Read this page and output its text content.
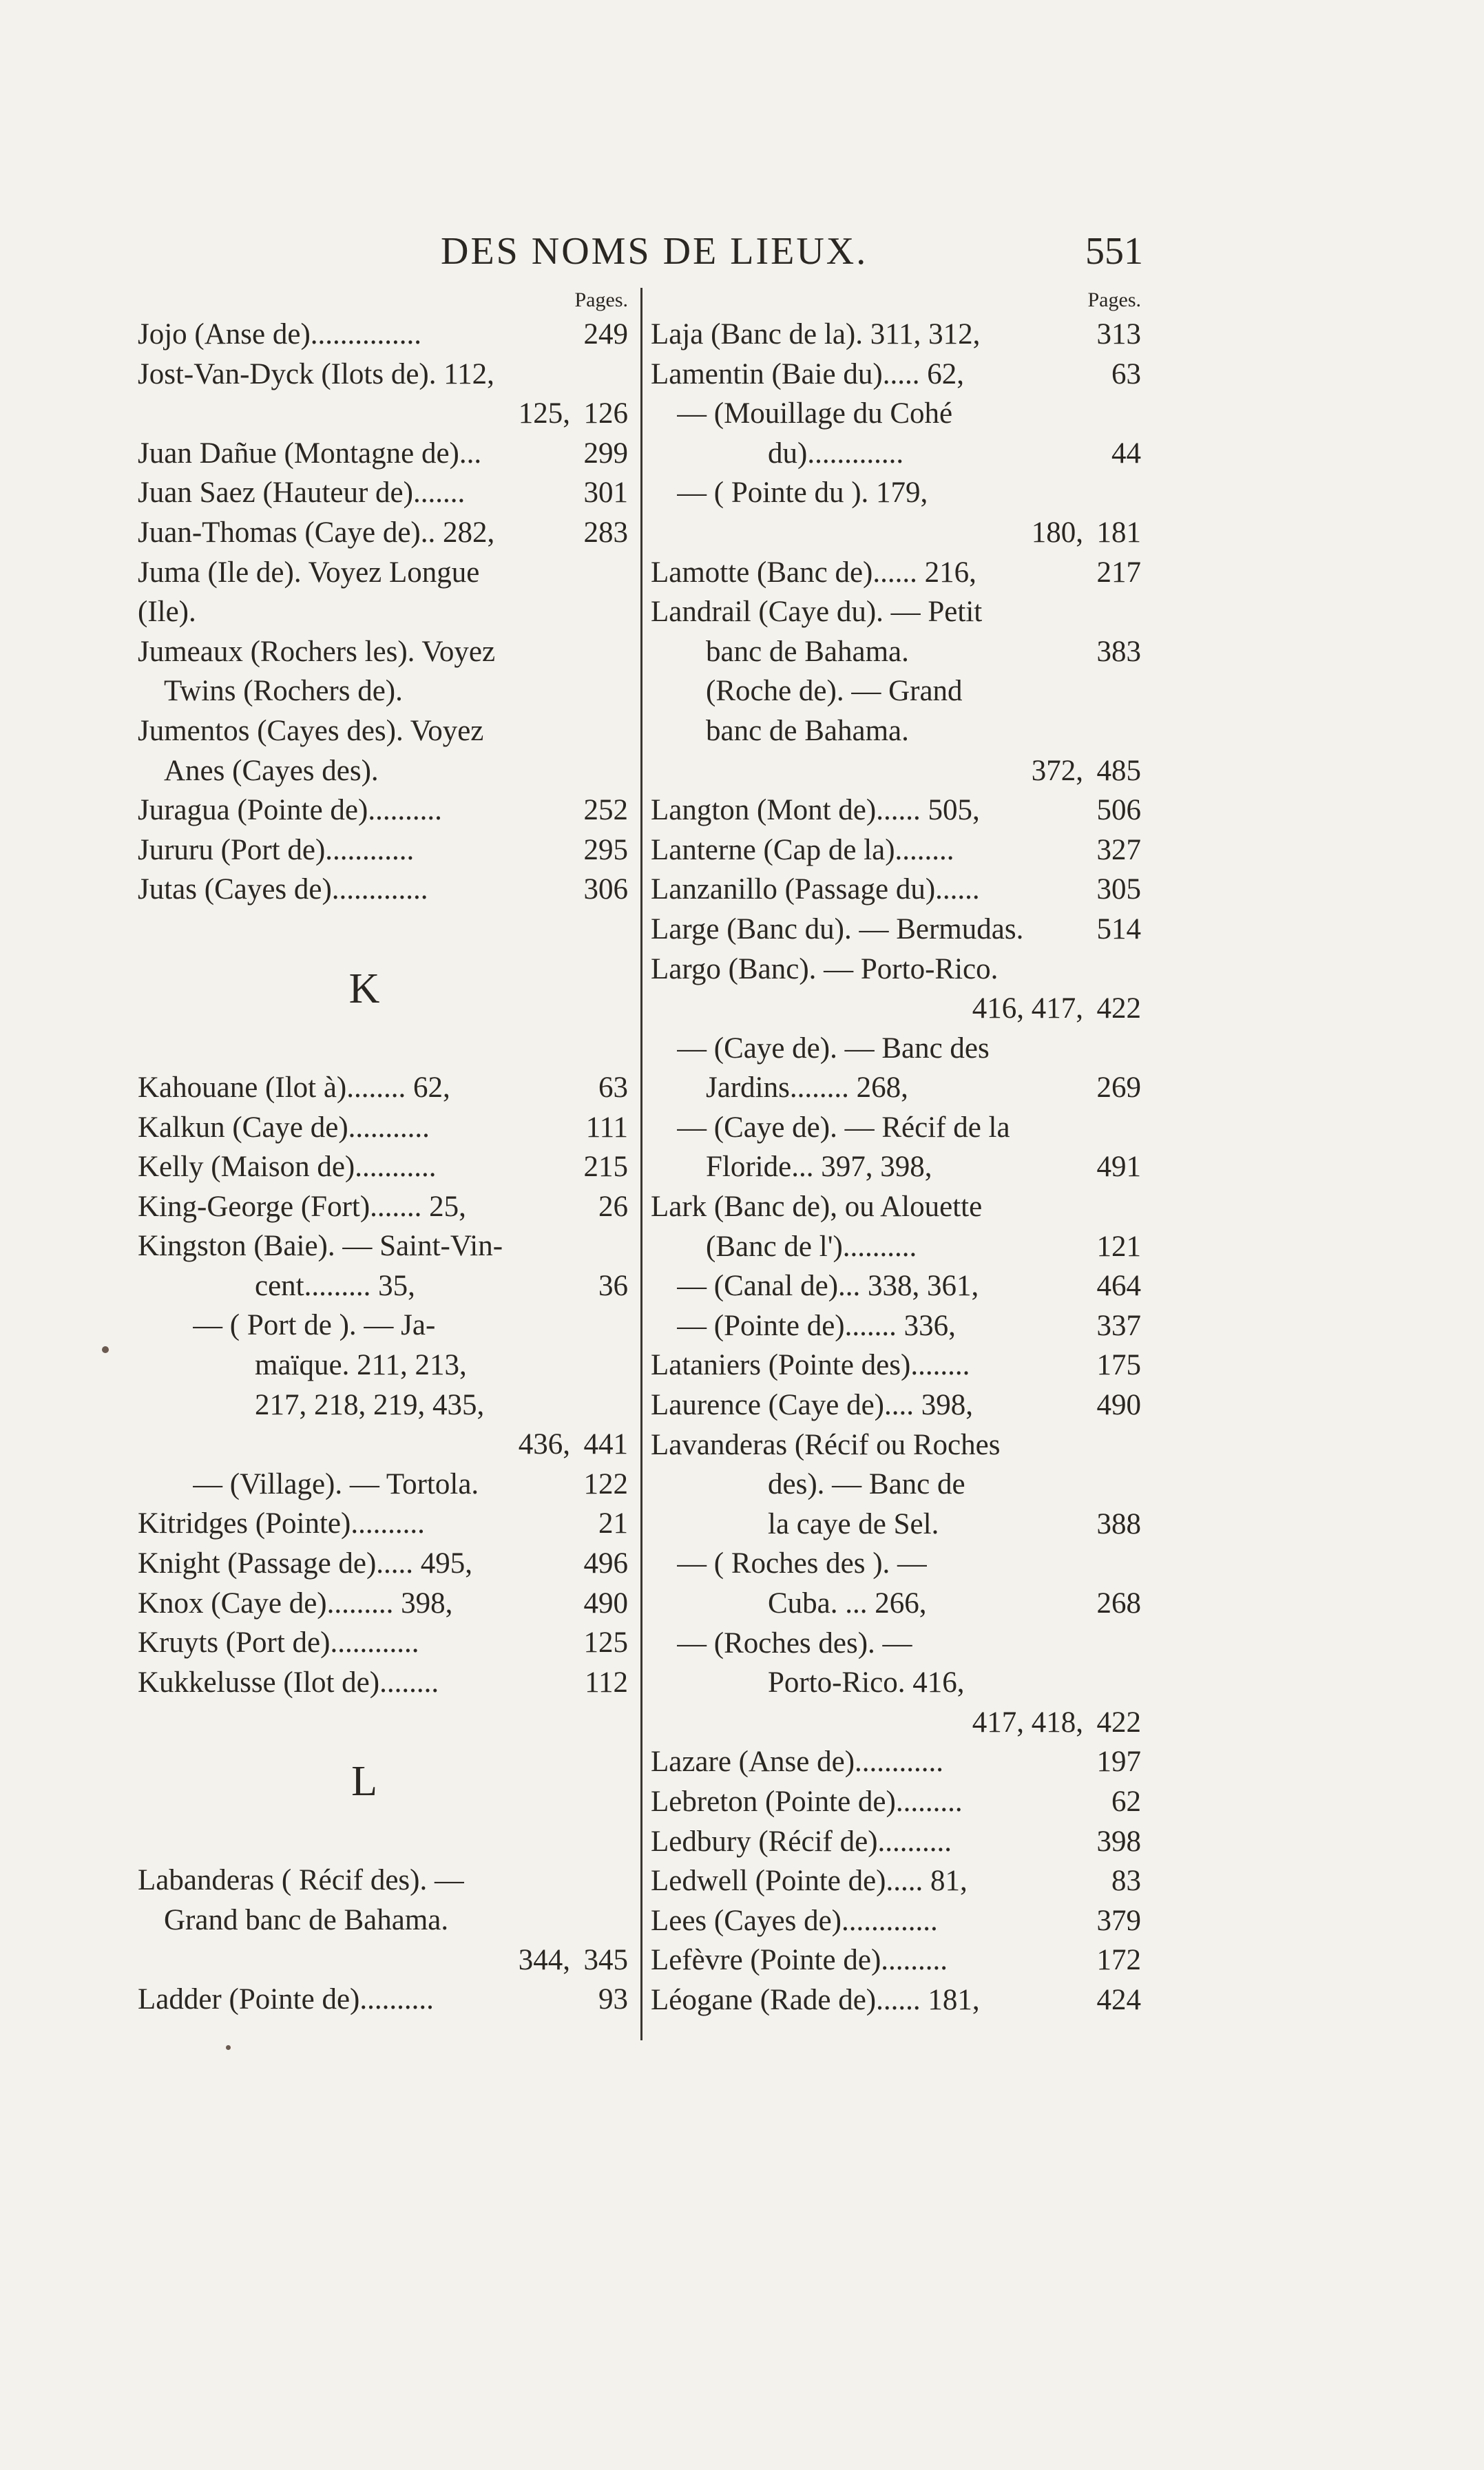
DES NOMS DE LIEUX.	551
Pages.
Jojo (Anse de)...............	249
Jost-Van-Dyck (Ilots de). 112,
125, 126
Juan Dañue (Montagne de)...	299
Juan Saez (Hauteur de).......	301
Juan-Thomas (Caye de).. 282,	283
Juma (Ile de). Voyez Longue
(Ile).
Jumeaux (Rochers les). Voyez
Twins (Rochers de).
Jumentos (Cayes des). Voyez
Anes (Cayes des).
Juragua (Pointe de)..........	252
Jururu (Port de)............	295
Jutas (Cayes de).............	306
K
Kahouane (Ilot à)........ 62,	63
Kalkun (Caye de)...........	111
Kelly (Maison de)...........	215
King-George (Fort)....... 25,	26
Kingston (Baie). — Saint-Vin-
cent......... 35,	36
— ( Port de ). — Ja-
maïque. 211, 213,
217, 218, 219, 435,
436, 441
— (Village). — Tortola.	122
Kitridges (Pointe)..........	21
Knight (Passage de)..... 495,	496
Knox (Caye de)......... 398,	490
Kruyts (Port de)............	125
Kukkelusse (Ilot de)........	112
L
Labanderas ( Récif des). —
Grand banc de Bahama.
344, 345
Ladder (Pointe de)..........	93
Pages.
Laja (Banc de la). 311, 312,	313
Lamentin (Baie du)..... 62,	63
— (Mouillage du Cohé
du).............	44
— ( Pointe du ). 179,
180, 181
Lamotte (Banc de)...... 216,	217
Landrail (Caye du). — Petit
banc de Bahama.	383
(Roche de). — Grand
banc de Bahama.
372, 485
Langton (Mont de)...... 505,	506
Lanterne (Cap de la)........	327
Lanzanillo (Passage du)......	305
Large (Banc du). — Bermudas. 514
Largo (Banc). — Porto-Rico.
416, 417, 422
— (Caye de). — Banc des
Jardins........ 268,	269
— (Caye de). — Récif de la
Floride... 397, 398,	491
Lark (Banc de), ou Alouette
(Banc de l')..........	121
— (Canal de)... 338, 361,	464
— (Pointe de)....... 336,	337
Lataniers (Pointe des)........	175
Laurence (Caye de).... 398,	490
Lavanderas (Récif ou Roches
des). — Banc de
la caye de Sel.	388
— ( Roches des ). —
Cuba. ... 266,	268
— (Roches des). —
Porto-Rico. 416,
417, 418, 422
Lazare (Anse de)............	197
Lebreton (Pointe de).........	62
Ledbury (Récif de)..........	398
Ledwell (Pointe de)..... 81,	83
Lees (Cayes de).............	379
Lefèvre (Pointe de).........	172
Léogane (Rade de)...... 181,	424
